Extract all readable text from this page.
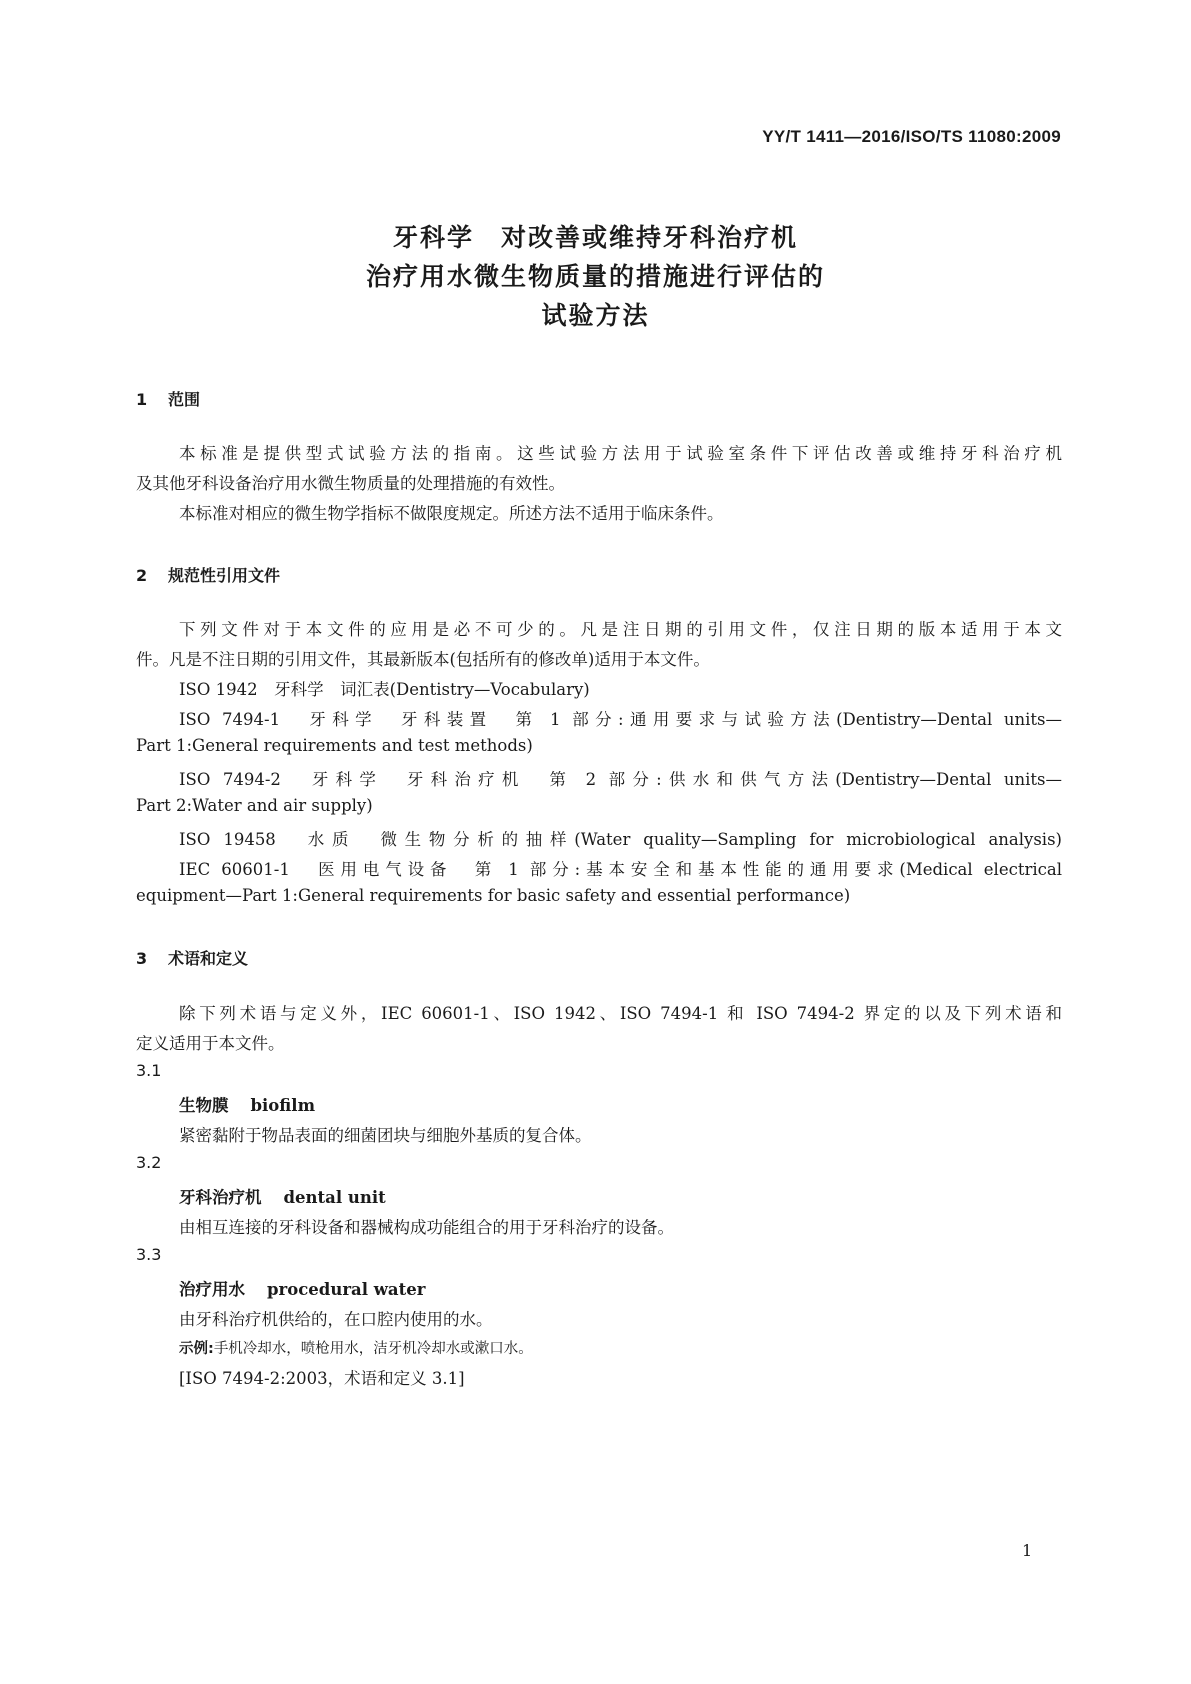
YY/T 1411—2016/ISO/TS 11080:2009
牙科学　对改善或维持牙科治疗机
治疗用水微生物质量的措施进行评估的
试验方法
1 范围
本标准是提供型式试验方法的指南。这些试验方法用于试验室条件下评估改善或维持牙科治疗机
及其他牙科设备治疗用水微生物质量的处理措施的有效性。
本标准对相应的微生物学指标不做限度规定。所述方法不适用于临床条件。
2 规范性引用文件
下列文件对于本文件的应用是必不可少的。凡是注日期的引用文件，仅注日期的版本适用于本文
件。凡是不注日期的引用文件，其最新版本(包括所有的修改单)适用于本文件。
ISO 1942　牙科学　词汇表(Dentistry—Vocabulary)
ISO 7494-1　牙科学　牙科装置　第 1 部分:通用要求与试验方法(Dentistry—Dental units—
Part 1:General requirements and test methods)
ISO 7494-2　牙科学　牙科治疗机　第 2 部分:供水和供气方法(Dentistry—Dental units—
Part 2:Water and air supply)
ISO 19458　水质　微生物分析的抽样(Water quality—Sampling for microbiological analysis)
IEC 60601-1　医用电气设备　第 1 部分:基本安全和基本性能的通用要求(Medical electrical
equipment—Part 1:General requirements for basic safety and essential performance)
3 术语和定义
除下列术语与定义外，IEC 60601-1、ISO 1942、ISO 7494-1 和 ISO 7494-2 界定的以及下列术语和
定义适用于本文件。
3.1
生物膜 biofilm
紧密黏附于物品表面的细菌团块与细胞外基质的复合体。
3.2
牙科治疗机 dental unit
由相互连接的牙科设备和器械构成功能组合的用于牙科治疗的设备。
3.3
治疗用水 procedural water
由牙科治疗机供给的，在口腔内使用的水。
示例:手机冷却水，喷枪用水，洁牙机冷却水或漱口水。
[ISO 7494-2:2003，术语和定义 3.1]
1
